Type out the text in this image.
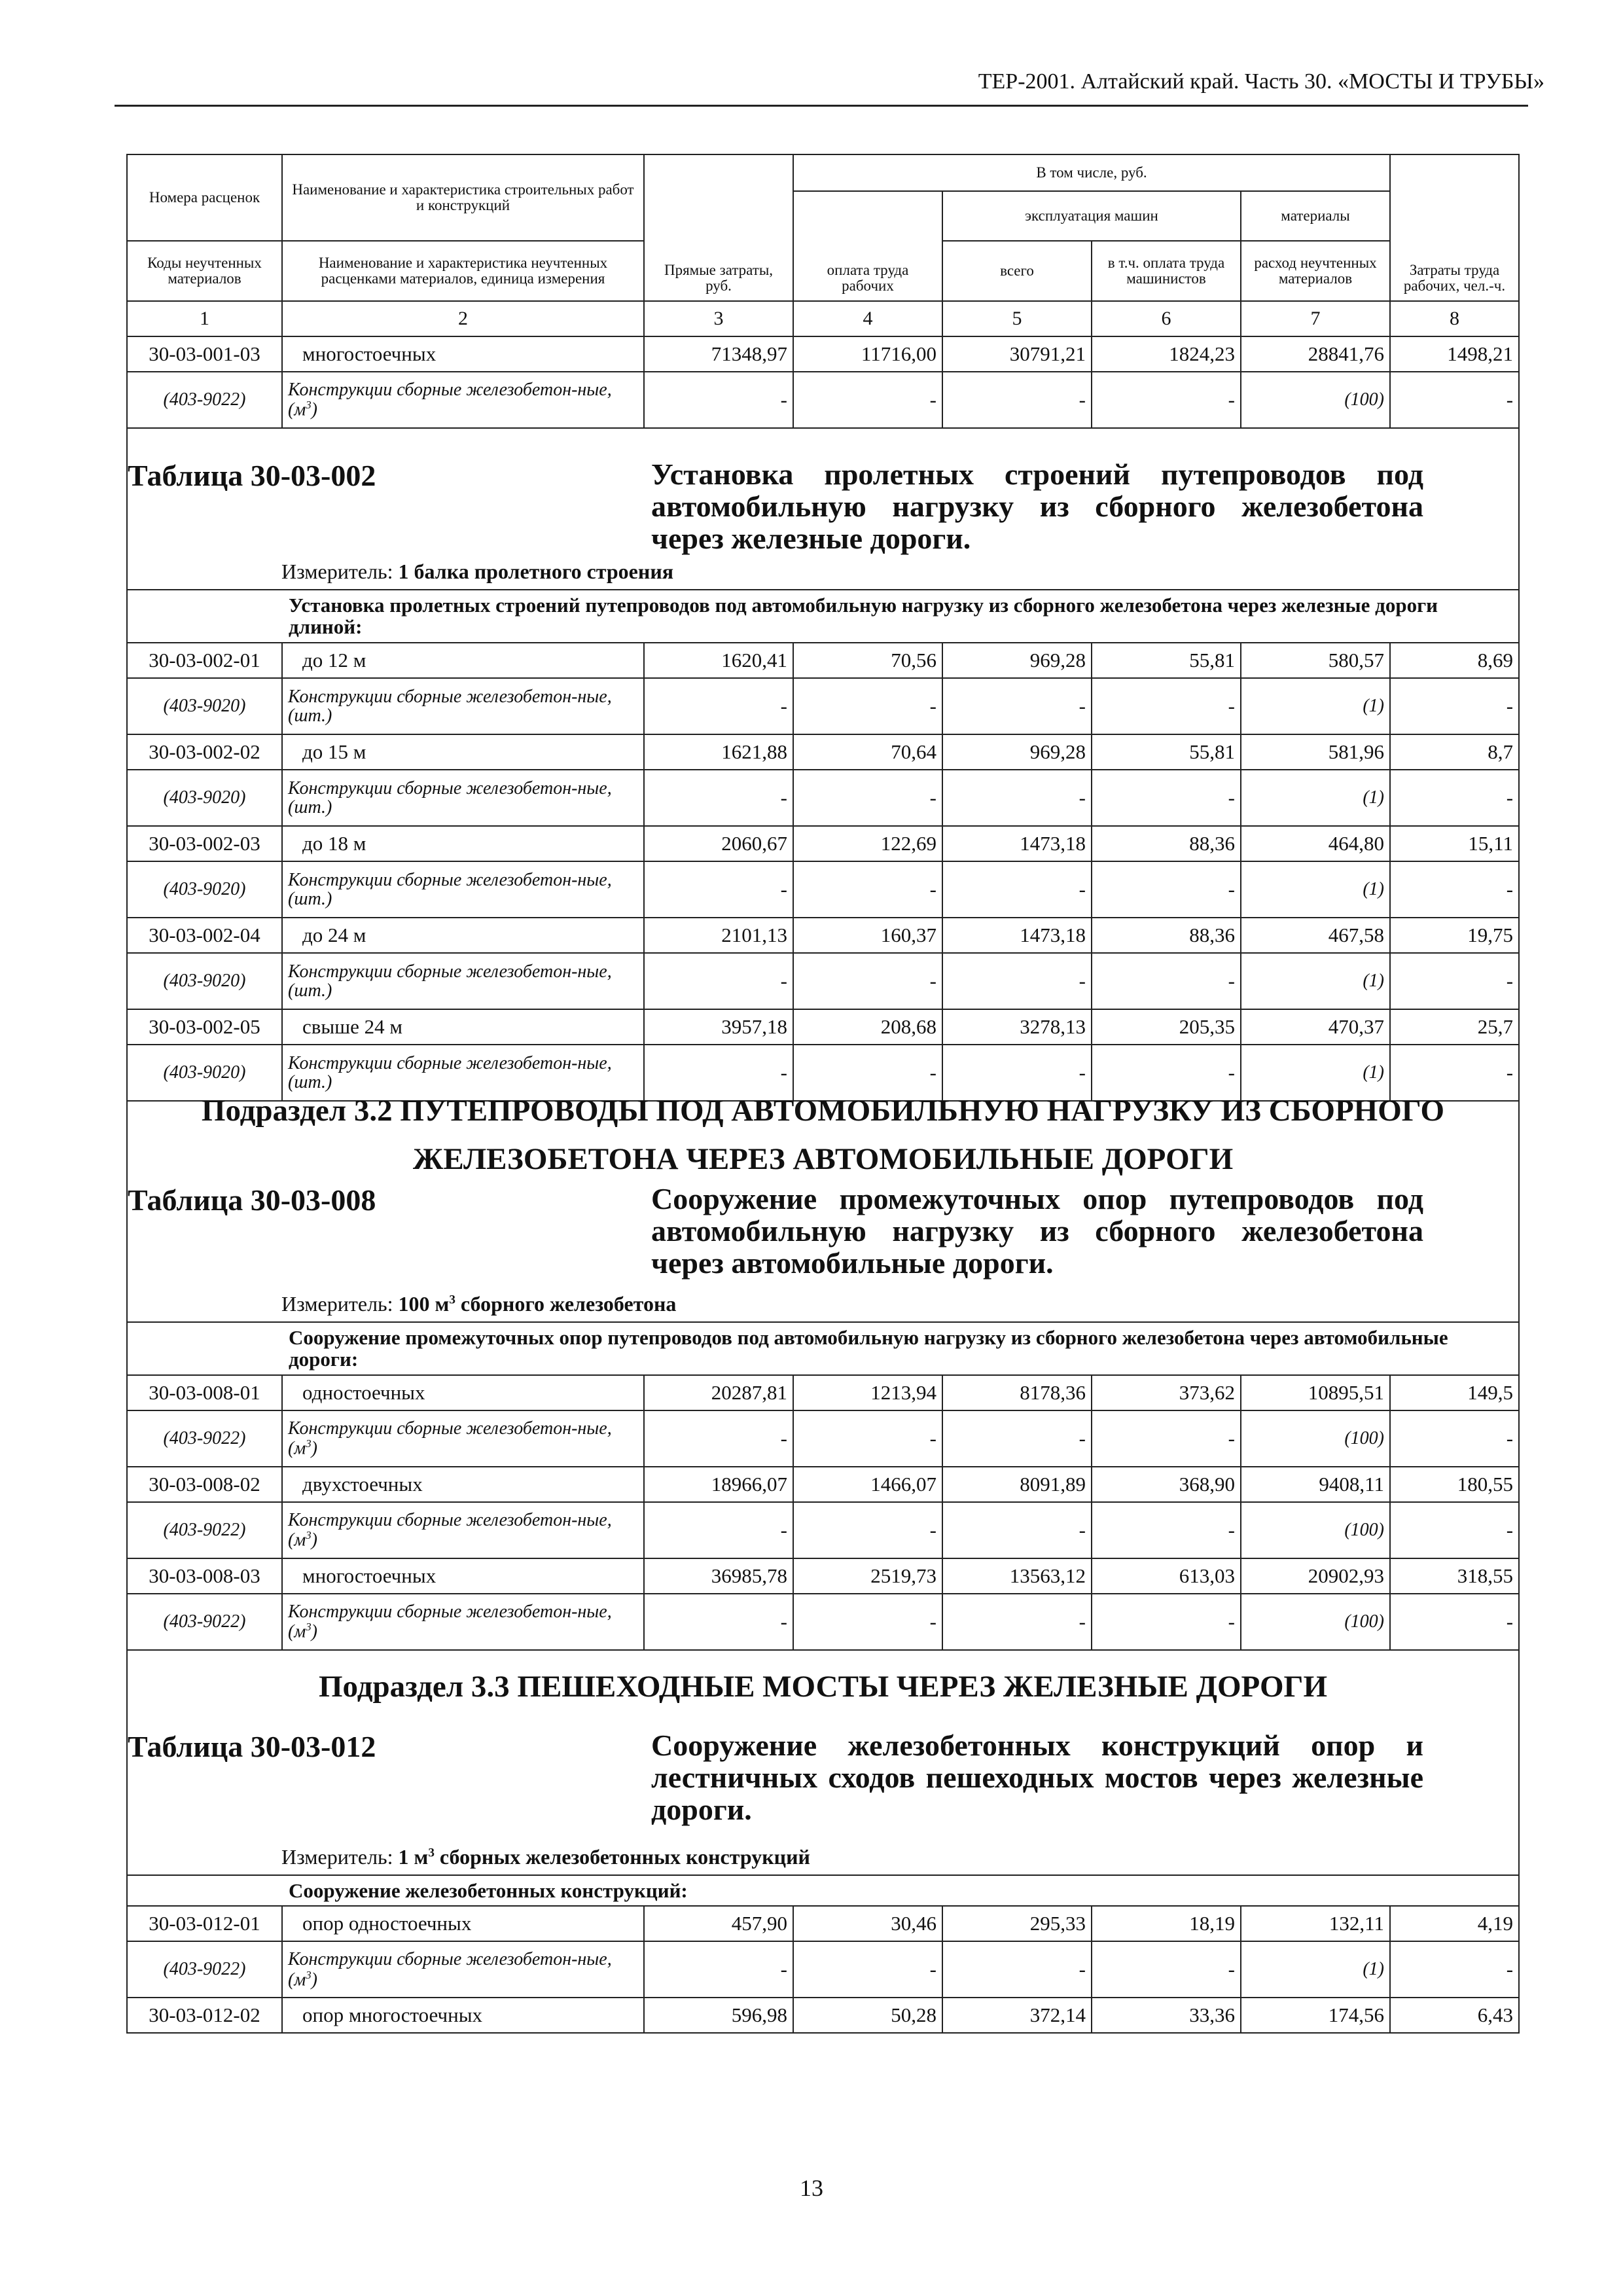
ТЕР-2001. Алтайский край. Часть 30. «МОСТЫ И ТРУБЫ»
Номера расценок	Наименование и характеристика строительных работ и конструкций	Прямые затраты, руб.	В том числе, руб.				Затраты труда рабочих, чел.-ч.
			оплата труда рабочих	эксплуатация машин		материалы	
Коды неучтенных материалов	Наименование и характеристика неучтенных расценками материалов, единица измерения			всего	в т.ч. оплата труда машинистов	расход неучтенных материалов	
1	2	3	4	5	6	7	8
30-03-001-03	многостоечных	71348,97	11716,00	30791,21	1824,23	28841,76	1498,21
(403-9022)	Конструкции сборные железобетон-ные, $(м^3)$	-	-	-	-	(100)	-

Таблица 30-03-002 Установка пролетных строений путепроводов под автомобильную нагрузку из сборного железобетона через железные дороги.
Измеритель: 1 балка пролетного строения							

	Установка пролетных строений путепроводов под автомобильную нагрузку из сборного железобетона через железные дороги длиной:						
30-03-002-01	до 12 м	1620,41	70,56	969,28	55,81	580,57	8,69
(403-9020)	Конструкции сборные железобетон-ные, (шт.)	-	-	-	-	(1)	-
30-03-002-02	до 15 м	1621,88	70,64	969,28	55,81	581,96	8,7
(403-9020)	Конструкции сборные железобетон-ные, (шт.)	-	-	-	-	(1)	-
30-03-002-03	до 18 м	2060,67	122,69	1473,18	88,36	464,80	15,11
(403-9020)	Конструкции сборные железобетон-ные, (шт.)	-	-	-	-	(1)	-
30-03-002-04	до 24 м	2101,13	160,37	1473,18	88,36	467,58	19,75
(403-9020)	Конструкции сборные железобетон-ные, (шт.)	-	-	-	-	(1)	-
30-03-002-05	свыше 24 м	3957,18	208,68	3278,13	205,35	470,37	25,7
(403-9020)	Конструкции сборные железобетон-ные, (шт.)	-	-	-	-	(1)	-

Подраздел 3.2 ПУТЕПРОВОДЫ ПОД АВТОМОБИЛЬНУЮ НАГРУЗКУ ИЗ СБОРНОГО
ЖЕЛЕЗОБЕТОНА ЧЕРЕЗ АВТОМОБИЛЬНЫЕ ДОРОГИ
Таблица 30-03-008 Сооружение промежуточных опор путепроводов под автомобильную нагрузку из сборного железобетона через автомобильные дороги.
Измеритель: 100 $м^3$ сборного железобетона							

	Сооружение промежуточных опор путепроводов под автомобильную нагрузку из сборного железобетона через автомобильные дороги:						
30-03-008-01	одностоечных	20287,81	1213,94	8178,36	373,62	10895,51	149,5
(403-9022)	Конструкции сборные железобетон-ные, $(м^3)$	-	-	-	-	(100)	-
30-03-008-02	двухстоечных	18966,07	1466,07	8091,89	368,90	9408,11	180,55
(403-9022)	Конструкции сборные железобетон-ные, $(м^3)$	-	-	-	-	(100)	-
30-03-008-03	многостоечных	36985,78	2519,73	13563,12	613,03	20902,93	318,55
(403-9022)	Конструкции сборные железобетон-ные, $(м^3)$	-	-	-	-	(100)	-

Подраздел 3.3 ПЕШЕХОДНЫЕ МОСТЫ ЧЕРЕЗ ЖЕЛЕЗНЫЕ ДОРОГИ
Таблица 30-03-012 Сооружение железобетонных конструкций опор и лестничных сходов пешеходных мостов через железные дороги.
Измеритель: 1 $м^3$ сборных железобетонных конструкций							

	Сооружение железобетонных конструкций:						
30-03-012-01	опор одностоечных	457,90	30,46	295,33	18,19	132,11	4,19
(403-9022)	Конструкции сборные железобетон-ные, $(м^3)$	-	-	-	-	(1)	-
30-03-012-02	опор многостоечных	596,98	50,28	372,14	33,36	174,56	6,43
13
